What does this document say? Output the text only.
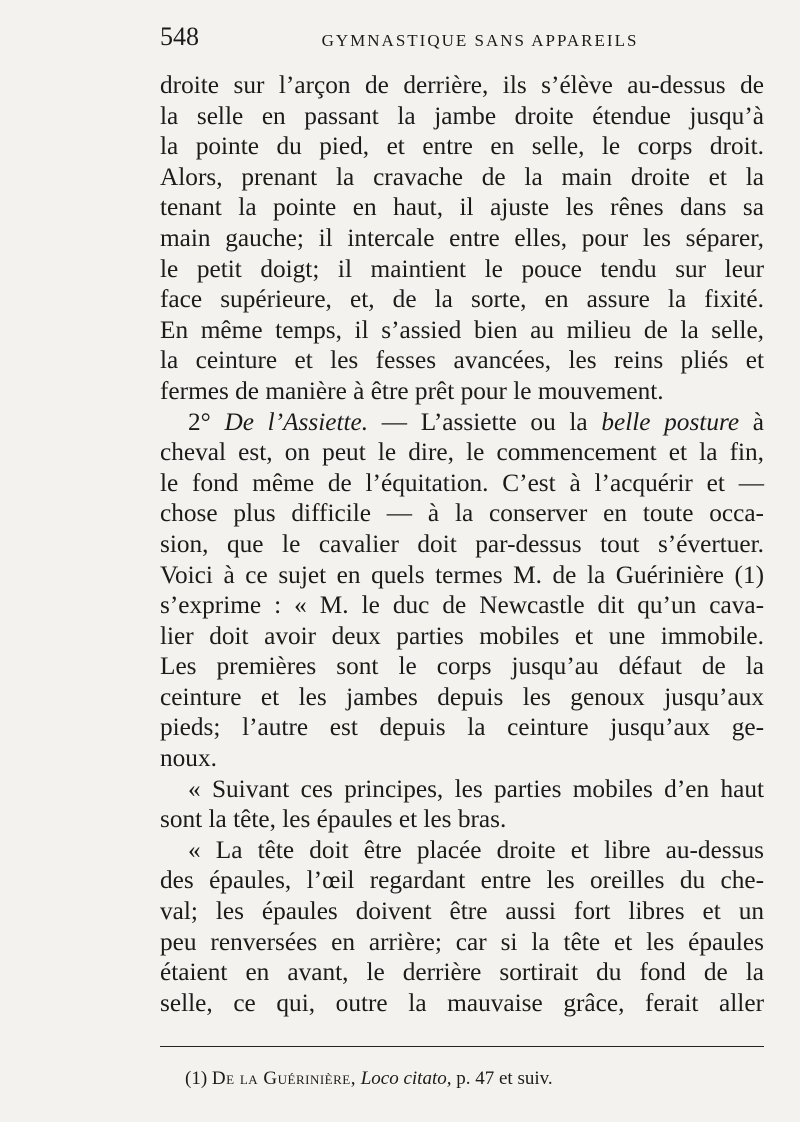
548	GYMNASTIQUE SANS APPAREILS
droite sur l’arçon de derrière, ils s’élève au-dessus de
la selle en passant la jambe droite étendue jusqu’à
la pointe du pied, et entre en selle, le corps droit.
Alors, prenant la cravache de la main droite et la
tenant la pointe en haut, il ajuste les rênes dans sa
main gauche; il intercale entre elles, pour les séparer,
le petit doigt; il maintient le pouce tendu sur leur
face supérieure, et, de la sorte, en assure la fixité.
En même temps, il s’assied bien au milieu de la selle,
la ceinture et les fesses avancées, les reins pliés et
fermes de manière à être prêt pour le mouvement.
2° De l’Assiette. — L’assiette ou la belle posture à
cheval est, on peut le dire, le commencement et la fin,
le fond même de l’équitation. C’est à l’acquérir et —
chose plus difficile — à la conserver en toute occa-
sion, que le cavalier doit par-dessus tout s’évertuer.
Voici à ce sujet en quels termes M. de la Guérinière (1)
s’exprime : « M. le duc de Newcastle dit qu’un cava-
lier doit avoir deux parties mobiles et une immobile.
Les premières sont le corps jusqu’au défaut de la
ceinture et les jambes depuis les genoux jusqu’aux
pieds; l’autre est depuis la ceinture jusqu’aux ge-
noux.
« Suivant ces principes, les parties mobiles d’en haut
sont la tête, les épaules et les bras.
« La tête doit être placée droite et libre au-dessus
des épaules, l’œil regardant entre les oreilles du che-
val; les épaules doivent être aussi fort libres et un
peu renversées en arrière; car si la tête et les épaules
étaient en avant, le derrière sortirait du fond de la
selle, ce qui, outre la mauvaise grâce, ferait aller
(1) De la Guérinière, Loco citato, p. 47 et suiv.
